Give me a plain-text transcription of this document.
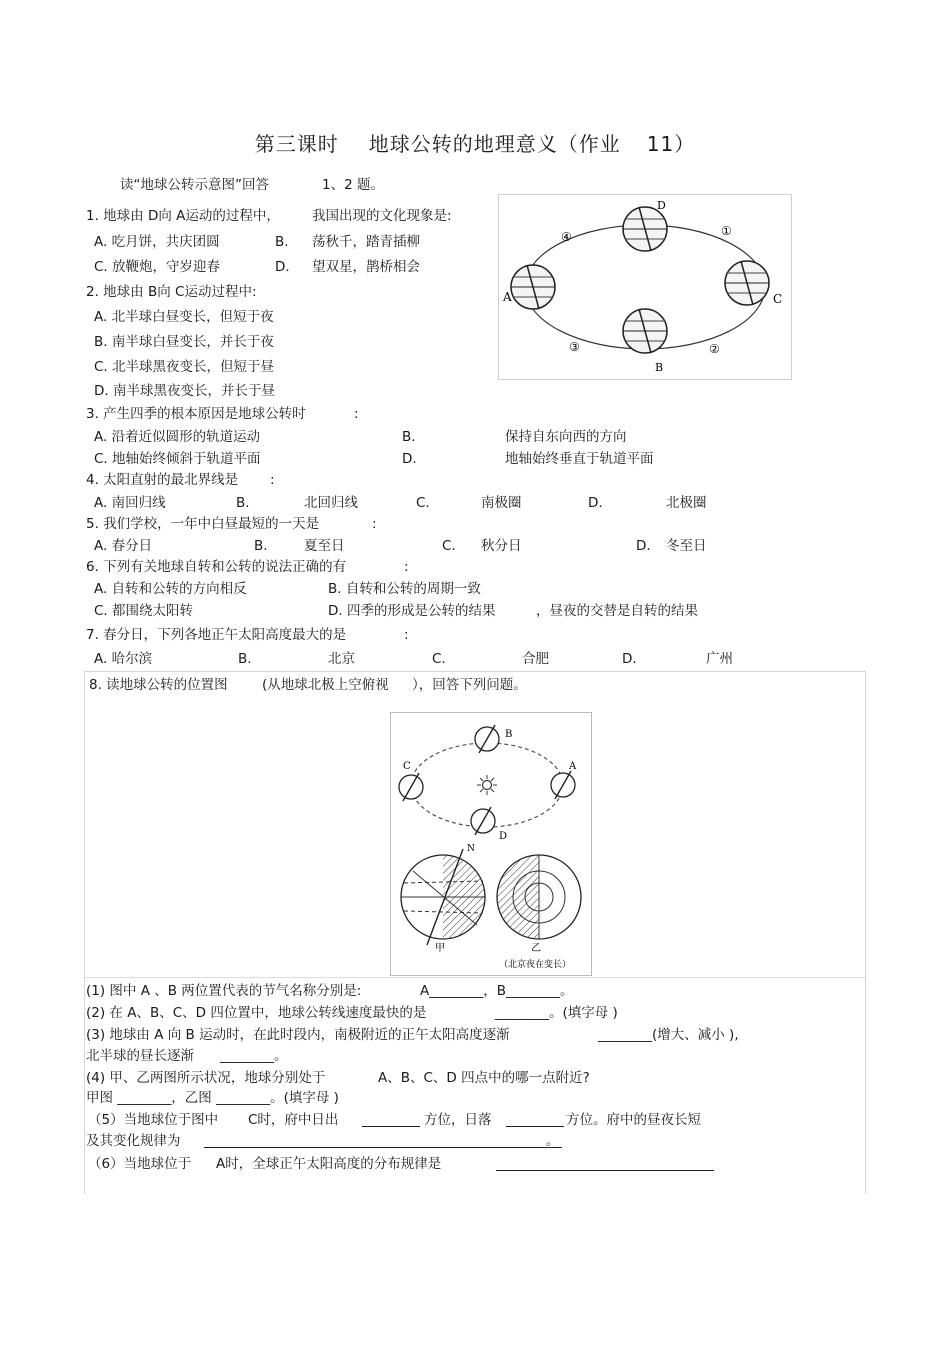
第三课时 地球公转的地理意义（作业 11）
读“地球公转示意图”回答	1、2 题。
D
B
A	C
①
②
③
④
1. 地球由 D向 A运动的过程中， 我国出现的文化现象是:
A. 吃月饼，共庆团圆	B. 荡秋千，踏青插柳
C. 放鞭炮，守岁迎春	D. 望双星，鹊桥相会
2. 地球由 B向 C运动过程中:
A. 北半球白昼变长，但短于夜
B. 南半球白昼变长，并长于夜
C. 北半球黑夜变长，但短于昼
D. 南半球黑夜变长，并长于昼
3. 产生四季的根本原因是地球公转时	:
A. 沿着近似圆形的轨道运动	B.	保持自东向西的方向
C. 地轴始终倾斜于轨道平面	D.	地轴始终垂直于轨道平面
4. 太阳直射的最北界线是 :
A. 南回归线	B.	北回归线	C.	南极圈	D.	北极圈
5. 我们学校，一年中白昼最短的一天是	:
A. 春分日	B.	夏至日	C. 秋分日	D. 冬至日
6. 下列有关地球自转和公转的说法正确的有	:
A. 自转和公转的方向相反	B. 自转和公转的周期一致
C. 都围绕太阳转	D. 四季的形成是公转的结果	，昼夜的交替是自转的结果
7. 春分日，下列各地正午太阳高度最大的是	:
A. 哈尔滨	B.	北京	C.	合肥	D.	广州
8. 读地球公转的位置图	(从地球北极上空俯视 ），回答下列问题。
B
D
C	A
N
甲	乙
（北京夜在变长）
(1) 图中 A 、B 两位置代表的节气名称分别是:	A________，B________。
(2) 在 A、B、C、D 四位置中，地球公转线速度最快的是	________。(填字母 )
(3) 地球由 A 向 B 运动时，在此时段内，南极附近的正午太阳高度逐渐	________(增大、减小 ),
北半球的昼长逐渐 ________。
(4) 甲、乙两图所示状况，地球分别处于	A、B、C、D 四点中的哪一点附近?
甲图 ________，乙图 ________。(填字母 )
（5）当地球位于图中 C时，府中日出	方位，日落	方位。府中的昼夜长短
及其变化规律为	。
（6）当地球位于 A时，全球正午太阳高度的分布规律是
